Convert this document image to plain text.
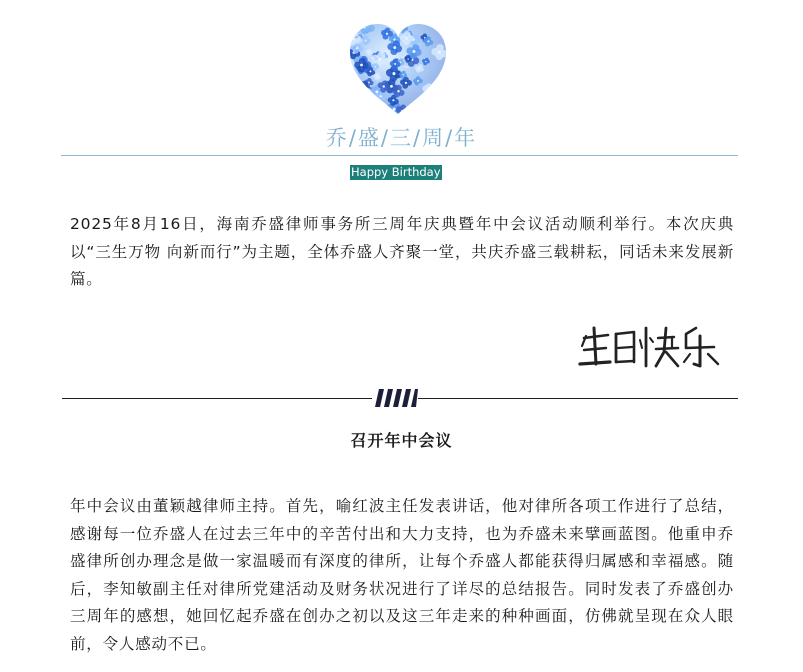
乔/盛/三/周/年
Happy Birthday
2025年8月16日，海南乔盛律师事务所三周年庆典暨年中会议活动顺利举行。本次庆典以“三生万物 向新而行”为主题，全体乔盛人齐聚一堂，共庆乔盛三载耕耘，同话未来发展新篇。
召开年中会议
年中会议由董颖越律师主持。首先，喻红波主任发表讲话，他对律所各项工作进行了总结，感谢每一位乔盛人在过去三年中的辛苦付出和大力支持，也为乔盛未来擘画蓝图。他重申乔盛律所创办理念是做一家温暖而有深度的律所，让每个乔盛人都能获得归属感和幸福感。随后，李知敏副主任对律所党建活动及财务状况进行了详尽的总结报告。同时发表了乔盛创办三周年的感想，她回忆起乔盛在创办之初以及这三年走来的种种画面，仿佛就呈现在众人眼前，令人感动不已。
